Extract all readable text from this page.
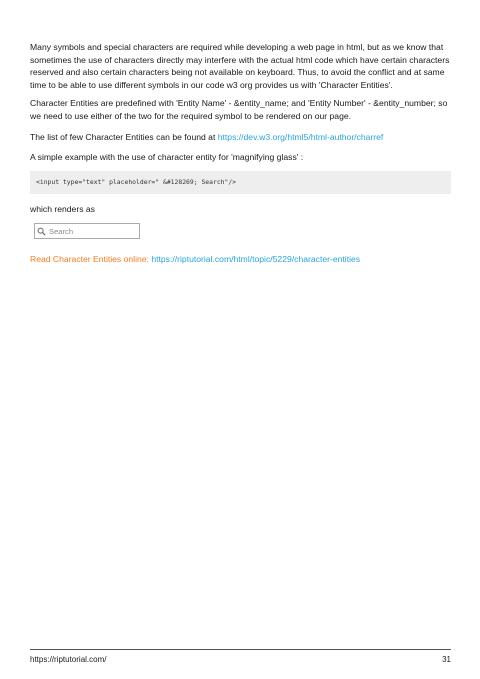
Many symbols and special characters are required while developing a web page in html, but as we know that sometimes the use of characters directly may interfere with the actual html code which have certain characters reserved and also certain characters being not available on keyboard. Thus, to avoid the conflict and at same time to be able to use different symbols in our code w3 org provides us with 'Character Entities'.

Character Entities are predefined with 'Entity Name' - &entity_name; and 'Entity Number' - &entity_number; so we need to use either of the two for the required symbol to be rendered on our page.

The list of few Character Entities can be found at https://dev.w3.org/html5/html-author/charref

A simple example with the use of character entity for 'magnifying glass' :

<input type="text" placeholder=" &#128269; Search"/>

which renders as

Search

Read Character Entities online: https://riptutorial.com/html/topic/5229/character-entities

https://riptutorial.com/	31
